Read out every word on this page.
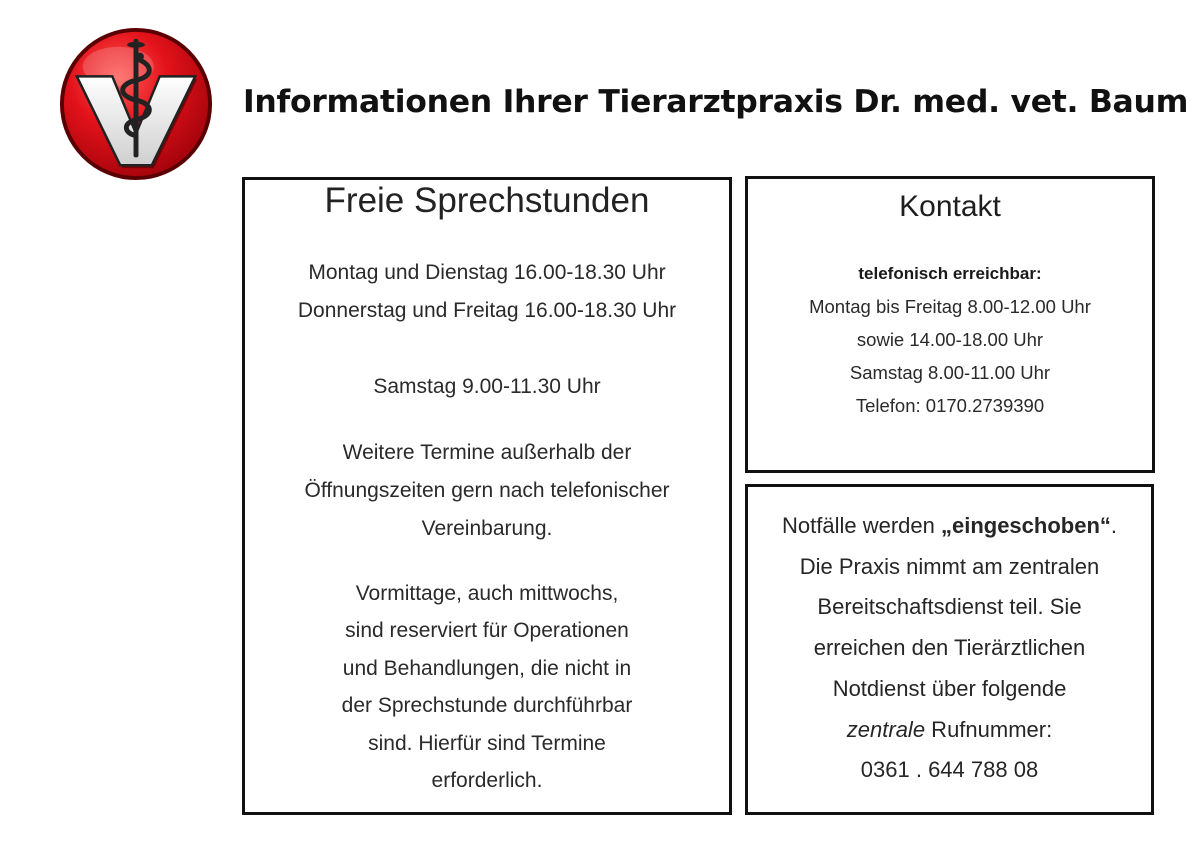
Informationen Ihrer Tierarztpraxis Dr. med. vet. Baum
Freie Sprechstunden
Montag und Dienstag 16.00-18.30 Uhr
Donnerstag und Freitag 16.00-18.30 Uhr
Samstag 9.00-11.30 Uhr
Weitere Termine außerhalb der
Öffnungszeiten gern nach telefonischer
Vereinbarung.
Vormittage, auch mittwochs,
sind reserviert für Operationen
und Behandlungen, die nicht in
der Sprechstunde durchführbar
sind. Hierfür sind Termine
erforderlich.
Kontakt
telefonisch erreichbar:
Montag bis Freitag 8.00-12.00 Uhr
sowie 14.00-18.00 Uhr
Samstag 8.00-11.00 Uhr
Telefon: 0170.2739390
Notfälle werden „eingeschoben“.
Die Praxis nimmt am zentralen
Bereitschaftsdienst teil. Sie
erreichen den Tierärztlichen
Notdienst über folgende
zentrale Rufnummer:
0361 . 644 788 08
